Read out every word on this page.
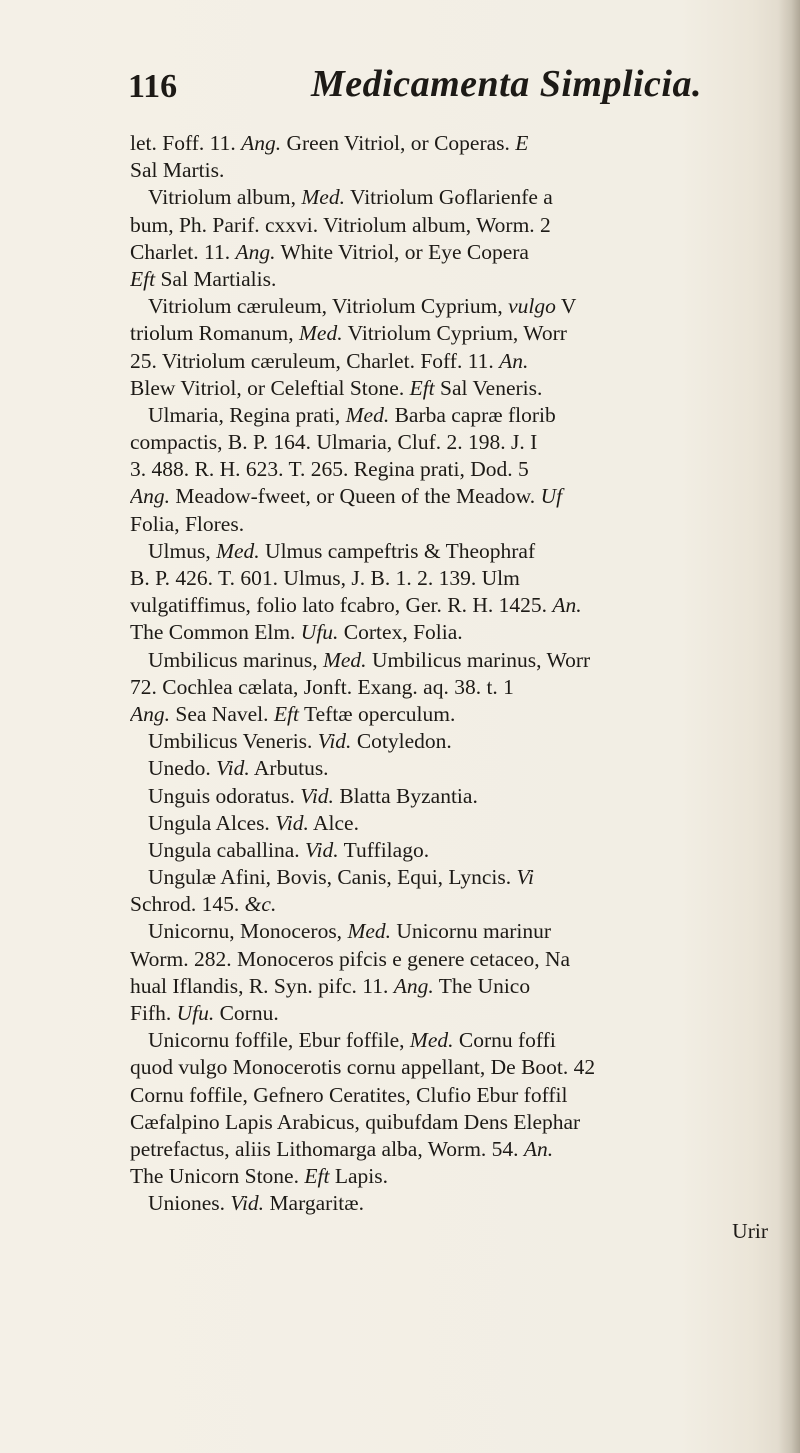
116	Medicamenta Simplicia.
let. Foff. 11. Ang. Green Vitriol, or Coperas. E
Sal Martis.
Vitriolum album, Med. Vitriolum Goflarienfe a
bum, Ph. Parif. cxxvi. Vitriolum album, Worm. 2
Charlet. 11. Ang. White Vitriol, or Eye Copera
Eft Sal Martialis.
Vitriolum cæruleum, Vitriolum Cyprium, vulgo V
triolum Romanum, Med. Vitriolum Cyprium, Worr
25. Vitriolum cæruleum, Charlet. Foff. 11. An.
Blew Vitriol, or Celeftial Stone. Eft Sal Veneris.
Ulmaria, Regina prati, Med. Barba capræ florib
compactis, B. P. 164. Ulmaria, Cluf. 2. 198. J. I
3. 488. R. H. 623. T. 265. Regina prati, Dod. 5
Ang. Meadow-fweet, or Queen of the Meadow. Uf
Folia, Flores.
Ulmus, Med. Ulmus campeftris & Theophraf
B. P. 426. T. 601. Ulmus, J. B. 1. 2. 139. Ulm
vulgatiffimus, folio lato fcabro, Ger. R. H. 1425. An.
The Common Elm. Ufu. Cortex, Folia.
Umbilicus marinus, Med. Umbilicus marinus, Worr
72. Cochlea cælata, Jonft. Exang. aq. 38. t. 1
Ang. Sea Navel. Eft Teftæ operculum.
Umbilicus Veneris. Vid. Cotyledon.
Unedo. Vid. Arbutus.
Unguis odoratus. Vid. Blatta Byzantia.
Ungula Alces. Vid. Alce.
Ungula caballina. Vid. Tuffilago.
Ungulæ Afini, Bovis, Canis, Equi, Lyncis. Vi
Schrod. 145. &c.
Unicornu, Monoceros, Med. Unicornu marinur
Worm. 282. Monoceros pifcis e genere cetaceo, Na
hual Iflandis, R. Syn. pifc. 11. Ang. The Unico
Fifh. Ufu. Cornu.
Unicornu foffile, Ebur foffile, Med. Cornu foffi
quod vulgo Monocerotis cornu appellant, De Boot. 42
Cornu foffile, Gefnero Ceratites, Clufio Ebur foffil
Cæfalpino Lapis Arabicus, quibufdam Dens Elephar
petrefactus, aliis Lithomarga alba, Worm. 54. An.
The Unicorn Stone. Eft Lapis.
Uniones. Vid. Margaritæ.
Urir
